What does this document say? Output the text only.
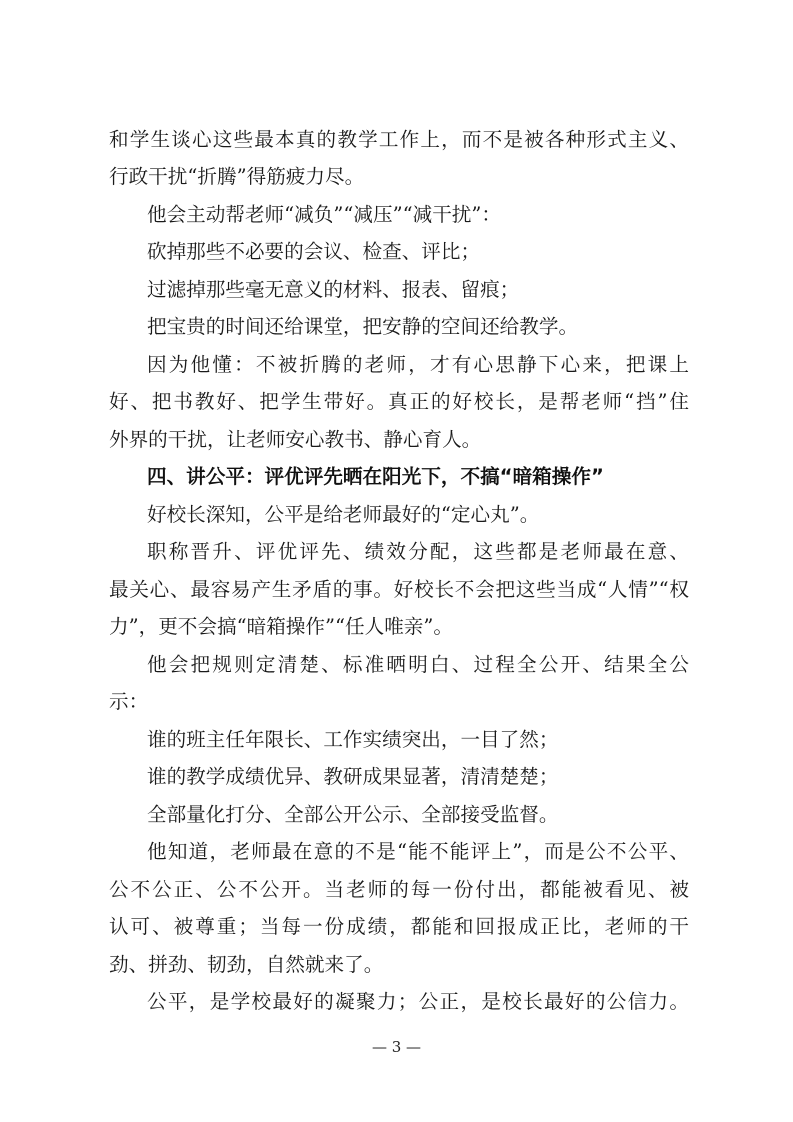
和学生谈心这些最本真的教学工作上，而不是被各种形式主义、
行政干扰“折腾”得筋疲力尽。
他会主动帮老师“减负”“减压”“减干扰”：
砍掉那些不必要的会议、检查、评比；
过滤掉那些毫无意义的材料、报表、留痕；
把宝贵的时间还给课堂，把安静的空间还给教学。
因为他懂：不被折腾的老师，才有心思静下心来，把课上
好、把书教好、把学生带好。真正的好校长，是帮老师“挡”住
外界的干扰，让老师安心教书、静心育人。
四、讲公平：评优评先晒在阳光下，不搞“暗箱操作”
好校长深知，公平是给老师最好的“定心丸”。
职称晋升、评优评先、绩效分配，这些都是老师最在意、
最关心、最容易产生矛盾的事。好校长不会把这些当成“人情”“权
力”，更不会搞“暗箱操作”“任人唯亲”。
他会把规则定清楚、标准晒明白、过程全公开、结果全公
示：
谁的班主任年限长、工作实绩突出，一目了然；
谁的教学成绩优异、教研成果显著，清清楚楚；
全部量化打分、全部公开公示、全部接受监督。
他知道，老师最在意的不是“能不能评上”，而是公不公平、
公不公正、公不公开。当老师的每一份付出，都能被看见、被
认可、被尊重；当每一份成绩，都能和回报成正比，老师的干
劲、拼劲、韧劲，自然就来了。
公平，是学校最好的凝聚力；公正，是校长最好的公信力。
— 3 —
